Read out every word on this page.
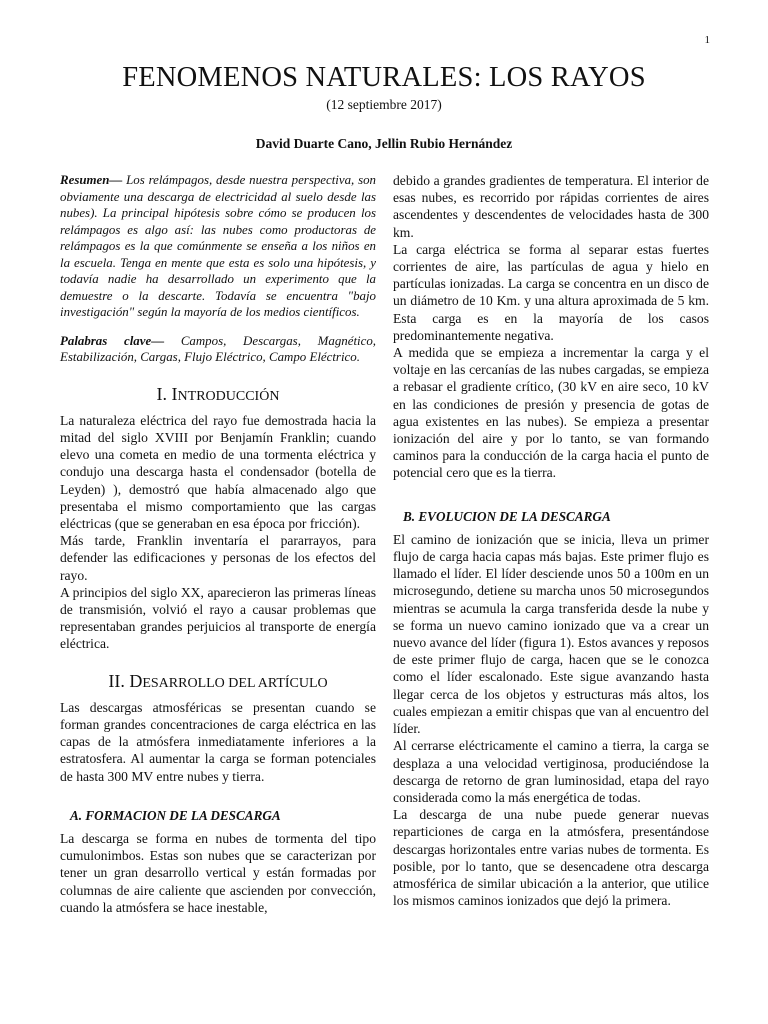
1
FENOMENOS NATURALES: LOS RAYOS
(12 septiembre 2017)
David Duarte Cano, Jellin Rubio Hernández

Resumen— Los relámpagos, desde nuestra perspectiva, son obviamente una descarga de electricidad al suelo desde las nubes). La principal hipótesis sobre cómo se producen los relámpagos es algo así: las nubes como productoras de relámpagos es la que comúnmente se enseña a los niños en la escuela. Tenga en mente que esta es solo una hipótesis, y todavía nadie ha desarrollado un experimento que la demuestre o la descarte. Todavía se encuentra "bajo investigación" según la mayoría de los medios científicos.

Palabras clave— Campos, Descargas, Magnético, Estabilización, Cargas, Flujo Eléctrico, Campo Eléctrico.

I. INTRODUCCIÓN

La naturaleza eléctrica del rayo fue demostrada hacia la mitad del siglo XVIII por Benjamín Franklin; cuando elevo una cometa en medio de una tormenta eléctrica y condujo una descarga hasta el condensador (botella de Leyden) ), demostró que había almacenado algo que presentaba el mismo comportamiento que las cargas eléctricas (que se generaban en esa época por fricción).

Más tarde, Franklin inventaría el pararrayos, para defender las edificaciones y personas de los efectos del rayo.

A principios del siglo XX, aparecieron las primeras líneas de transmisión, volvió el rayo a causar problemas que representaban grandes perjuicios al transporte de energía eléctrica.

II. DESARROLLO DEL ARTÍCULO

Las descargas atmosféricas se presentan cuando se forman grandes concentraciones de carga eléctrica en las capas de la atmósfera inmediatamente inferiores a la estratosfera. Al aumentar la carga se forman potenciales de hasta 300 MV entre nubes y tierra.

A. FORMACION DE LA DESCARGA

La descarga se forma en nubes de tormenta del tipo cumulonimbos. Estas son nubes que se caracterizan por tener un gran desarrollo vertical y están formadas por columnas de aire caliente que ascienden por convección, cuando la atmósfera se hace inestable,

debido a grandes gradientes de temperatura. El interior de esas nubes, es recorrido por rápidas corrientes de aires ascendentes y descendentes de velocidades hasta de 300 km.

La carga eléctrica se forma al separar estas fuertes corrientes de aire, las partículas de agua y hielo en partículas ionizadas. La carga se concentra en un disco de un diámetro de 10 Km. y una altura aproximada de 5 km. Esta carga es en la mayoría de los casos predominantemente negativa.

A medida que se empieza a incrementar la carga y el voltaje en las cercanías de las nubes cargadas, se empieza a rebasar el gradiente crítico, (30 kV en aire seco, 10 kV en las condiciones de presión y presencia de gotas de agua existentes en las nubes). Se empieza a presentar ionización del aire y por lo tanto, se van formando caminos para la conducción de la carga hacia el punto de potencial cero que es la tierra.

B. EVOLUCION DE LA DESCARGA

El camino de ionización que se inicia, lleva un primer flujo de carga hacia capas más bajas. Este primer flujo es llamado el líder. El líder desciende unos 50 a 100m en un microsegundo, detiene su marcha unos 50 microsegundos mientras se acumula la carga transferida desde la nube y se forma un nuevo camino ionizado que va a crear un nuevo avance del líder (figura 1). Estos avances y reposos de este primer flujo de carga, hacen que se le conozca como el líder escalonado. Este sigue avanzando hasta llegar cerca de los objetos y estructuras más altos, los cuales empiezan a emitir chispas que van al encuentro del líder.

Al cerrarse eléctricamente el camino a tierra, la carga se desplaza a una velocidad vertiginosa, produciéndose la descarga de retorno de gran luminosidad, etapa del rayo considerada como la más energética de todas.

La descarga de una nube puede generar nuevas reparticiones de carga en la atmósfera, presentándose descargas horizontales entre varias nubes de tormenta. Es posible, por lo tanto, que se desencadene otra descarga atmosférica de similar ubicación a la anterior, que utilice los mismos caminos ionizados que dejó la primera.
